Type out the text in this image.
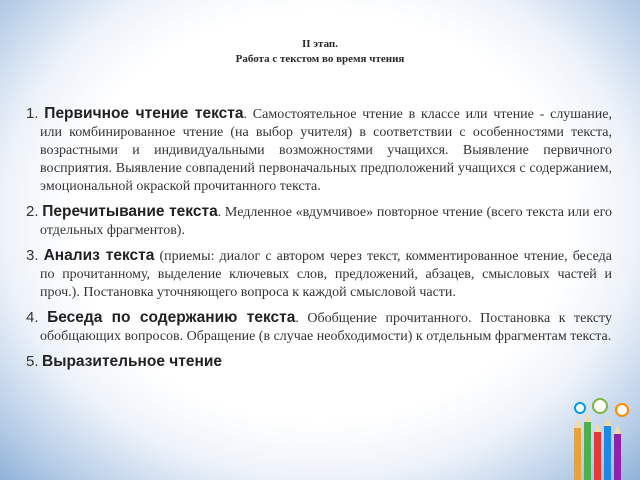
II этап.
Работа с текстом во время чтения
1. Первичное чтение текста. Самостоятельное чтение в классе или чтение - слушание, или комбинированное чтение (на выбор учителя) в соответствии с особенностями текста, возрастными и индивидуальными возможностями учащихся. Выявление первичного восприятия. Выявление совпадений первоначальных предположений учащихся с содержанием, эмоциональной окраской прочитанного текста.
2. Перечитывание текста. Медленное «вдумчивое» повторное чтение (всего текста или его отдельных фрагментов).
3. Анализ текста (приемы: диалог с автором через текст, комментированное чтение, беседа по прочитанному, выделение ключевых слов, предложений, абзацев, смысловых частей и проч.). Постановка уточняющего вопроса к каждой смысловой части.
4. Беседа по содержанию текста. Обобщение прочитанного. Постановка к тексту обобщающих вопросов. Обращение (в случае необходимости) к отдельным фрагментам текста.
5. Выразительное чтение
